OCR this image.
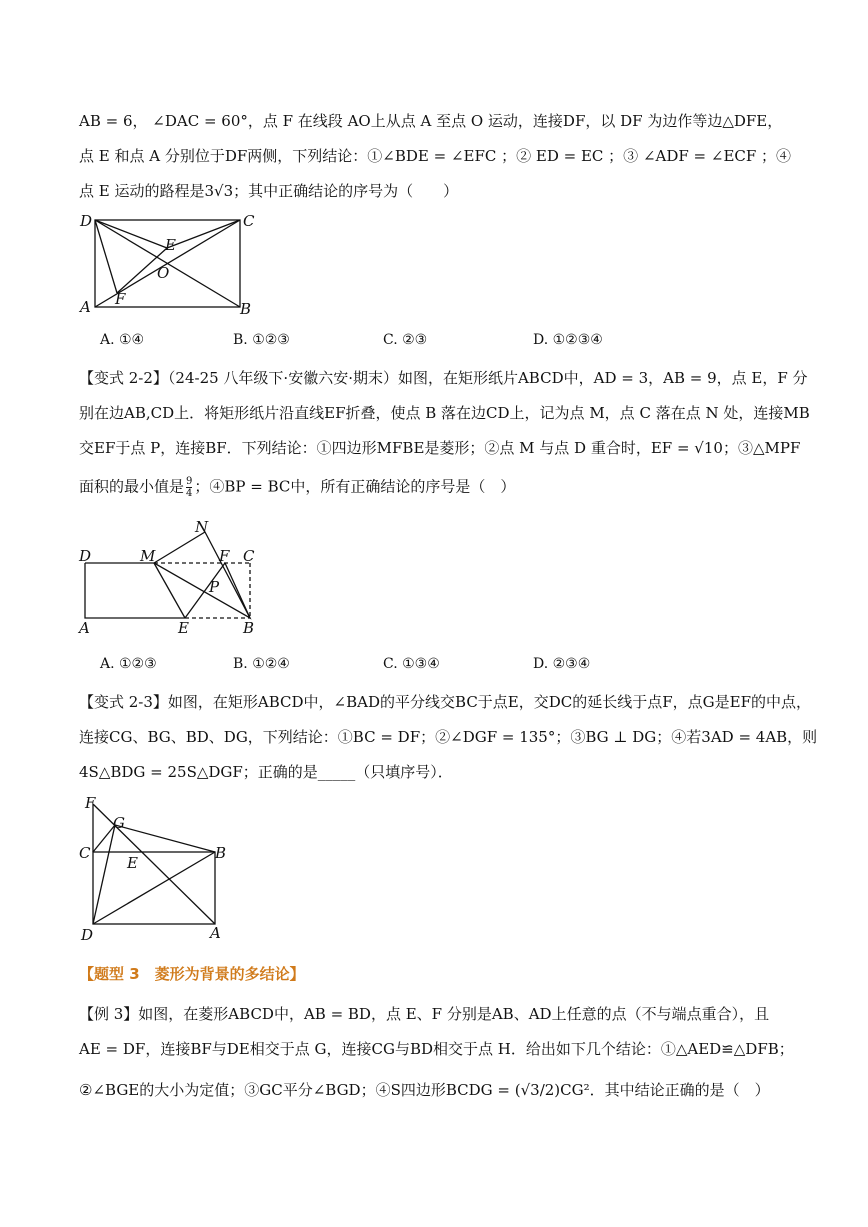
AB = 6， ∠DAC = 60°，点 F 在线段 AO上从点 A 至点 O 运动，连接DF，以 DF 为边作等边△DFE，
点 E 和点 A 分别位于DF两侧，下列结论：①∠BDE = ∠EFC ；② ED = EC ；③ ∠ADF = ∠ECF ；④
点 E 运动的路程是3√3；其中正确结论的序号为（　　）
D	C
A	B
E
O
F
A. ①④	B. ①②③	C. ②③	D. ①②③④
【变式 2-2】（24-25 八年级下·安徽六安·期末）如图，在矩形纸片ABCD中，AD = 3，AB = 9，点 E，F 分
别在边AB,CD上．将矩形纸片沿直线EF折叠，使点 B 落在边CD上，记为点 M，点 C 落在点 N 处，连接MB
交EF于点 P，连接BF．下列结论：①四边形MFBE是菱形；②点 M 与点 D 重合时，EF = √10；③△MPF
面积的最小值是 $\frac{9}{4}$ ；④BP = BC中，所有正确结论的序号是（　）
N
D	M	F C
P
A	E	B
A. ①②③	B. ①②④	C. ①③④	D. ②③④
【变式 2-3】如图，在矩形ABCD中，∠BAD的平分线交BC于点E，交DC的延长线于点F，点G是EF的中点，
连接CG、BG、BD、DG，下列结论：①BC = DF；②∠DGF = 135°；③BG ⊥ DG；④若3AD = 4AB，则
4S△BDG = 25S△DGF；正确的是_____（只填序号）．
F
G
C
E
B
D	A
【题型 3　菱形为背景的多结论】
【例 3】如图，在菱形ABCD中，AB = BD，点 E、F 分别是AB、AD上任意的点（不与端点重合），且
AE = DF，连接BF与DE相交于点 G，连接CG与BD相交于点 H．给出如下几个结论：①△AED≌△DFB；
②∠BGE的大小为定值；③GC平分∠BGD；④S四边形BCDG = (√3/2)CG²．其中结论正确的是（　）
